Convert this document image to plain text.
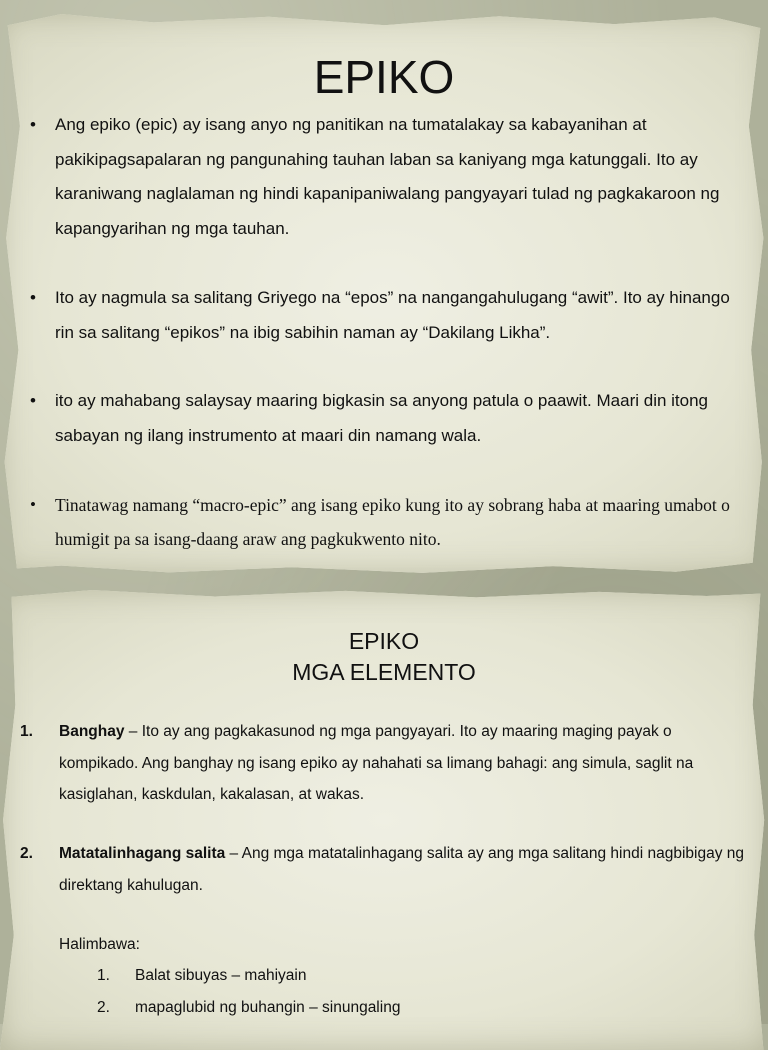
EPIKO
• Ang epiko (epic) ay isang anyo ng panitikan na tumatalakay sa kabayanihan at pakikipagsapalaran ng pangunahing tauhan laban sa kaniyang mga katunggali. Ito ay karaniwang naglalaman ng hindi kapanipaniwalang pangyayari tulad ng pagkakaroon ng kapangyarihan ng mga tauhan.
• Ito ay nagmula sa salitang Griyego na “epos” na nangangahulugang “awit”. Ito ay hinango rin sa salitang “epikos” na ibig sabihin naman ay “Dakilang Likha”.
• ito ay mahabang salaysay maaring bigkasin sa anyong patula o paawit. Maari din itong sabayan ng ilang instrumento at maari din namang wala.
• Tinatawag namang “macro-epic” ang isang epiko kung ito ay sobrang haba at maaring umabot o humigit pa sa isang-daang araw ang pagkukwento nito.
EPIKO
MGA ELEMENTO
1. Banghay – Ito ay ang pagkakasunod ng mga pangyayari. Ito ay maaring maging payak o kompikado. Ang banghay ng isang epiko ay nahahati sa limang bahagi: ang simula, saglit na kasiglahan, kaskdulan, kakalasan, at wakas.
2. Matatalinhagang salita – Ang mga matatalinhagang salita ay ang mga salitang hindi nagbibigay ng direktang kahulugan.
Halimbawa:
1. Balat sibuyas – mahiyain
2. mapaglubid ng buhangin – sinungaling
